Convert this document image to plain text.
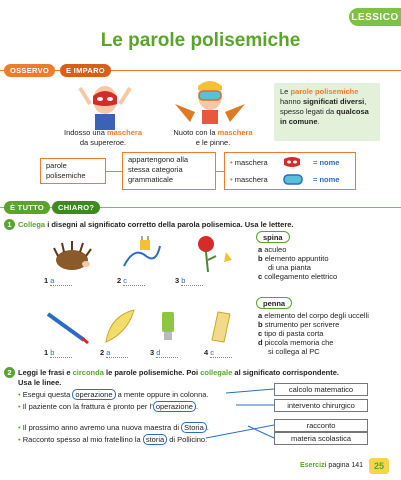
LESSICO
Le parole polisemiche
OSSERVO E IMPARO
Indosso una maschera
da supereroe.
Nuoto con la maschera
e le pinne.
Le parole polisemiche hanno significati diversi, spesso legati da qualcosa in comune.
parole polisemiche
appartengono alla stessa categoria grammaticale
• maschera	= nome
• maschera	= nome
È TUTTO CHIARO?
1 Collega i disegni al significato corretto della parola polisemica. Usa le lettere.
spina
a aculeo
b elemento appuntito
di una pianta
c collegamento elettrico
1 a	2 c	3 b
penna
a elemento del corpo degli uccelli
b strumento per scrivere
c tipo di pasta corta
d piccola memoria che
si collega al PC
1 b	2 a	3 d	4 c
2 Leggi le frasi e circonda le parole polisemiche. Poi collegale al significato corrispondente.
Usa le linee.
• Esegui questa operazione a mente oppure in colonna.
• Il paziente con la frattura è pronto per l’ operazione .
• Il prossimo anno avremo una nuova maestra di Storia .
• Racconto spesso al mio fratellino la storia di Pollicino.
calcolo matematico
intervento chirurgico
racconto
materia scolastica
Esercizi pagina 141	25
